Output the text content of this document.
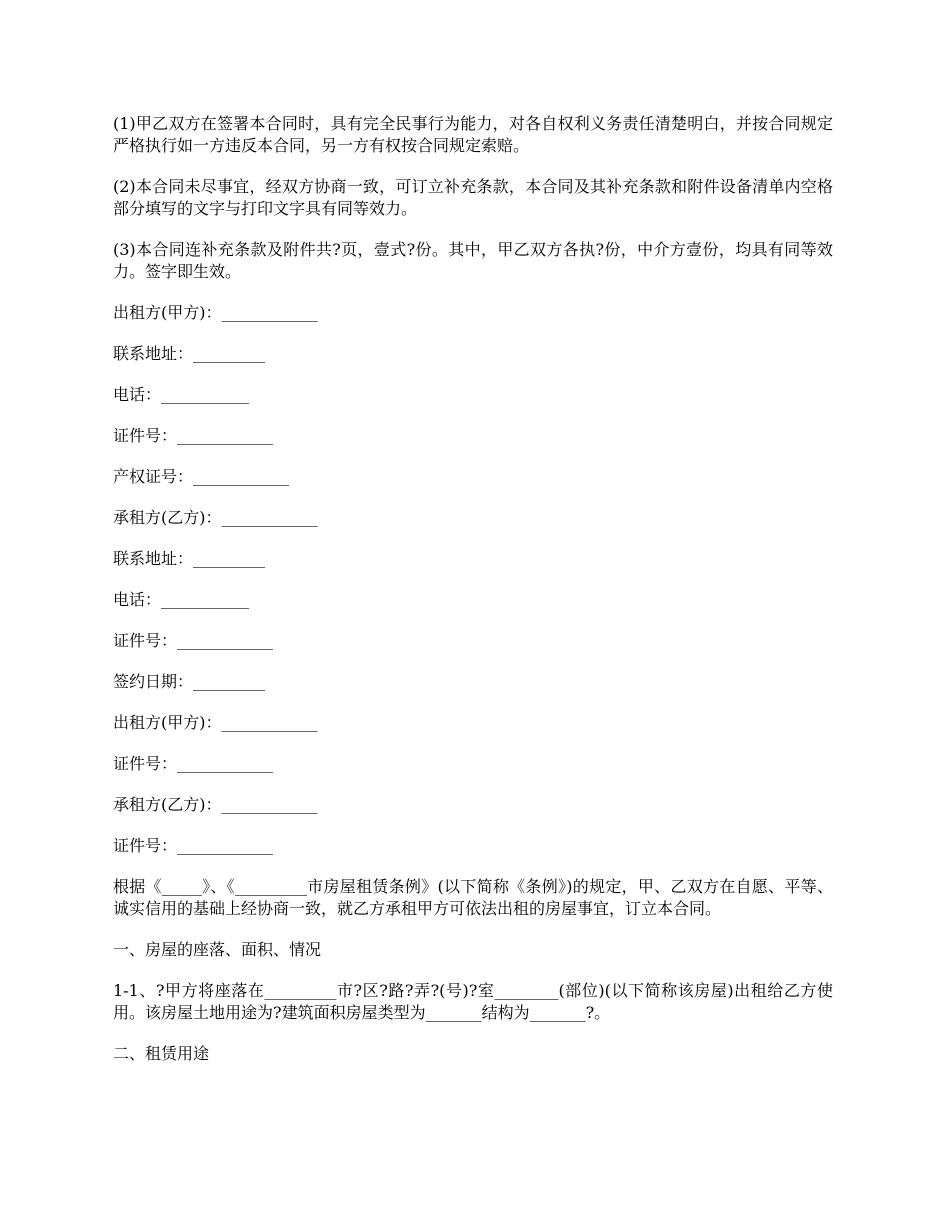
(1)甲乙双方在签署本合同时，具有完全民事行为能力，对各自权利义务责任清楚明白，并按合同规定严格执行如一方违反本合同，另一方有权按合同规定索赔。

(2)本合同未尽事宜，经双方协商一致，可订立补充条款，本合同及其补充条款和附件设备清单内空格部分填写的文字与打印文字具有同等效力。

(3)本合同连补充条款及附件共?页，壹式?份。其中，甲乙双方各执?份，中介方壹份，均具有同等效力。签字即生效。

出租方(甲方)：____________
联系地址：_________
电话：___________
证件号：____________
产权证号：____________
承租方(乙方)：____________
联系地址：_________
电话：___________
证件号：____________
签约日期：_________
出租方(甲方)：____________
证件号：____________
承租方(乙方)：____________
证件号：____________

根据《_____》、《_________市房屋租赁条例》(以下简称《条例》)的规定，甲、乙双方在自愿、平等、诚实信用的基础上经协商一致，就乙方承租甲方可依法出租的房屋事宜，订立本合同。

一、房屋的座落、面积、情况

1-1、?甲方将座落在_________市?区?路?弄?(号)?室________(部位)(以下简称该房屋)出租给乙方使用。该房屋土地用途为?建筑面积房屋类型为_______结构为_______?。

二、租赁用途
